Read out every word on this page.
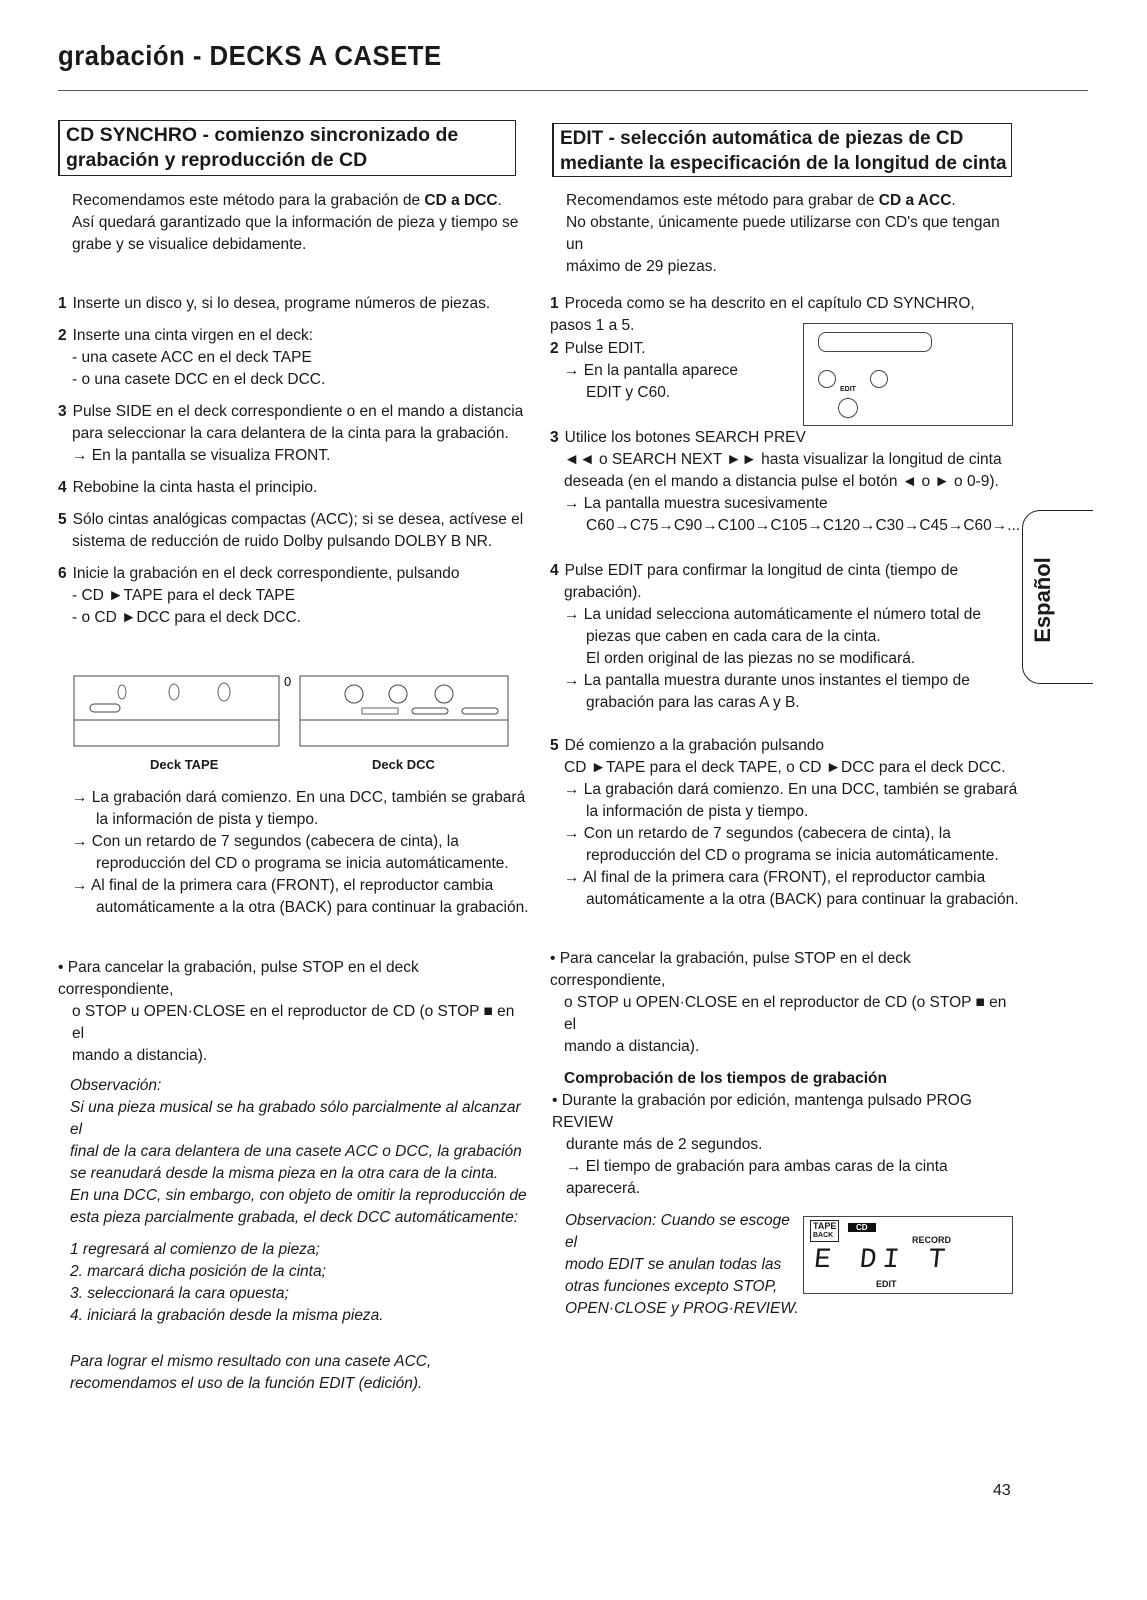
grabación - DECKS A CASETE
CD SYNCHRO - comienzo sincronizado de
grabación y reproducción de CD

Recomendamos este método para la grabación de CD a DCC.

Así quedará garantizado que la información de pieza y tiempo se

grabe y se visualice debidamente.

1 Inserte un disco y, si lo desea, programe números de piezas.

2 Inserte una cinta virgen en el deck:

- una casete ACC en el deck TAPE

- o una casete DCC en el deck DCC.

3 Pulse SIDE en el deck correspondiente o en el mando a distancia

para seleccionar la cara delantera de la cinta para la grabación.

→ En la pantalla se visualiza FRONT.

4 Rebobine la cinta hasta el principio.

5 Sólo cintas analógicas compactas (ACC); si se desea, actívese el

sistema de reducción de ruido Dolby pulsando DOLBY B NR.

6 Inicie la grabación en el deck correspondiente, pulsando

- CD ►TAPE para el deck TAPE

- o CD ►DCC para el deck DCC.

0
Deck TAPE	Deck DCC

→ La grabación dará comienzo. En una DCC, también se grabará

la información de pista y tiempo.

→ Con un retardo de 7 segundos (cabecera de cinta), la

reproducción del CD o programa se inicia automáticamente.

→ Al final de la primera cara (FRONT), el reproductor cambia

automáticamente a la otra (BACK) para continuar la grabación.

• Para cancelar la grabación, pulse STOP en el deck correspondiente,

o STOP u OPEN·CLOSE en el reproductor de CD (o STOP ■ en el

mando a distancia).

Observación:

Si una pieza musical se ha grabado sólo parcialmente al alcanzar el

final de la cara delantera de una casete ACC o DCC, la grabación

se reanudará desde la misma pieza en la otra cara de la cinta.

En una DCC, sin embargo, con objeto de omitir la reproducción de

esta pieza parcialmente grabada, el deck DCC automáticamente:

1 regresará al comienzo de la pieza;

2. marcará dicha posición de la cinta;

3. seleccionará la cara opuesta;

4. iniciará la grabación desde la misma pieza.

Para lograr el mismo resultado con una casete ACC,

recomendamos el uso de la función EDIT (edición).

EDIT - selección automática de piezas de CD
mediante la especificación de la longitud de cinta

Recomendamos este método para grabar de CD a ACC.

No obstante, únicamente puede utilizarse con CD's que tengan un

máximo de 29 piezas.

1 Proceda como se ha descrito en el capítulo CD SYNCHRO, pasos 1 a 5.

2 Pulse EDIT.

→ En la pantalla aparece

EDIT y C60.	EDIT

3 Utilice los botones SEARCH PREV

◄◄ o SEARCH NEXT ►► hasta visualizar la longitud de cinta

deseada (en el mando a distancia pulse el botón ◄ o ► o 0-9).

→ La pantalla muestra sucesivamente

C60→C75→C90→C100→C105→C120→C30→C45→C60→...

4 Pulse EDIT para confirmar la longitud de cinta (tiempo de

grabación).

→ La unidad selecciona automáticamente el número total de

piezas que caben en cada cara de la cinta.

El orden original de las piezas no se modificará.

→ La pantalla muestra durante unos instantes el tiempo de

grabación para las caras A y B.

5 Dé comienzo a la grabación pulsando

CD ►TAPE para el deck TAPE, o CD ►DCC para el deck DCC.

→ La grabación dará comienzo. En una DCC, también se grabará

la información de pista y tiempo.

→ Con un retardo de 7 segundos (cabecera de cinta), la

reproducción del CD o programa se inicia automáticamente.

→ Al final de la primera cara (FRONT), el reproductor cambia

automáticamente a la otra (BACK) para continuar la grabación.

• Para cancelar la grabación, pulse STOP en el deck correspondiente,

o STOP u OPEN·CLOSE en el reproductor de CD (o STOP ■ en el

mando a distancia).

Comprobación de los tiempos de grabación

• Durante la grabación por edición, mantenga pulsado PROG REVIEW

durante más de 2 segundos.

→ El tiempo de grabación para ambas caras de la cinta aparecerá.

Observacion: Cuando se escoge el

modo EDIT se anulan todas las

otras funciones excepto STOP,

OPEN·CLOSE y PROG·REVIEW.

TAPE
BACK
CD
RECORD
E DI T
EDIT
Español
43
